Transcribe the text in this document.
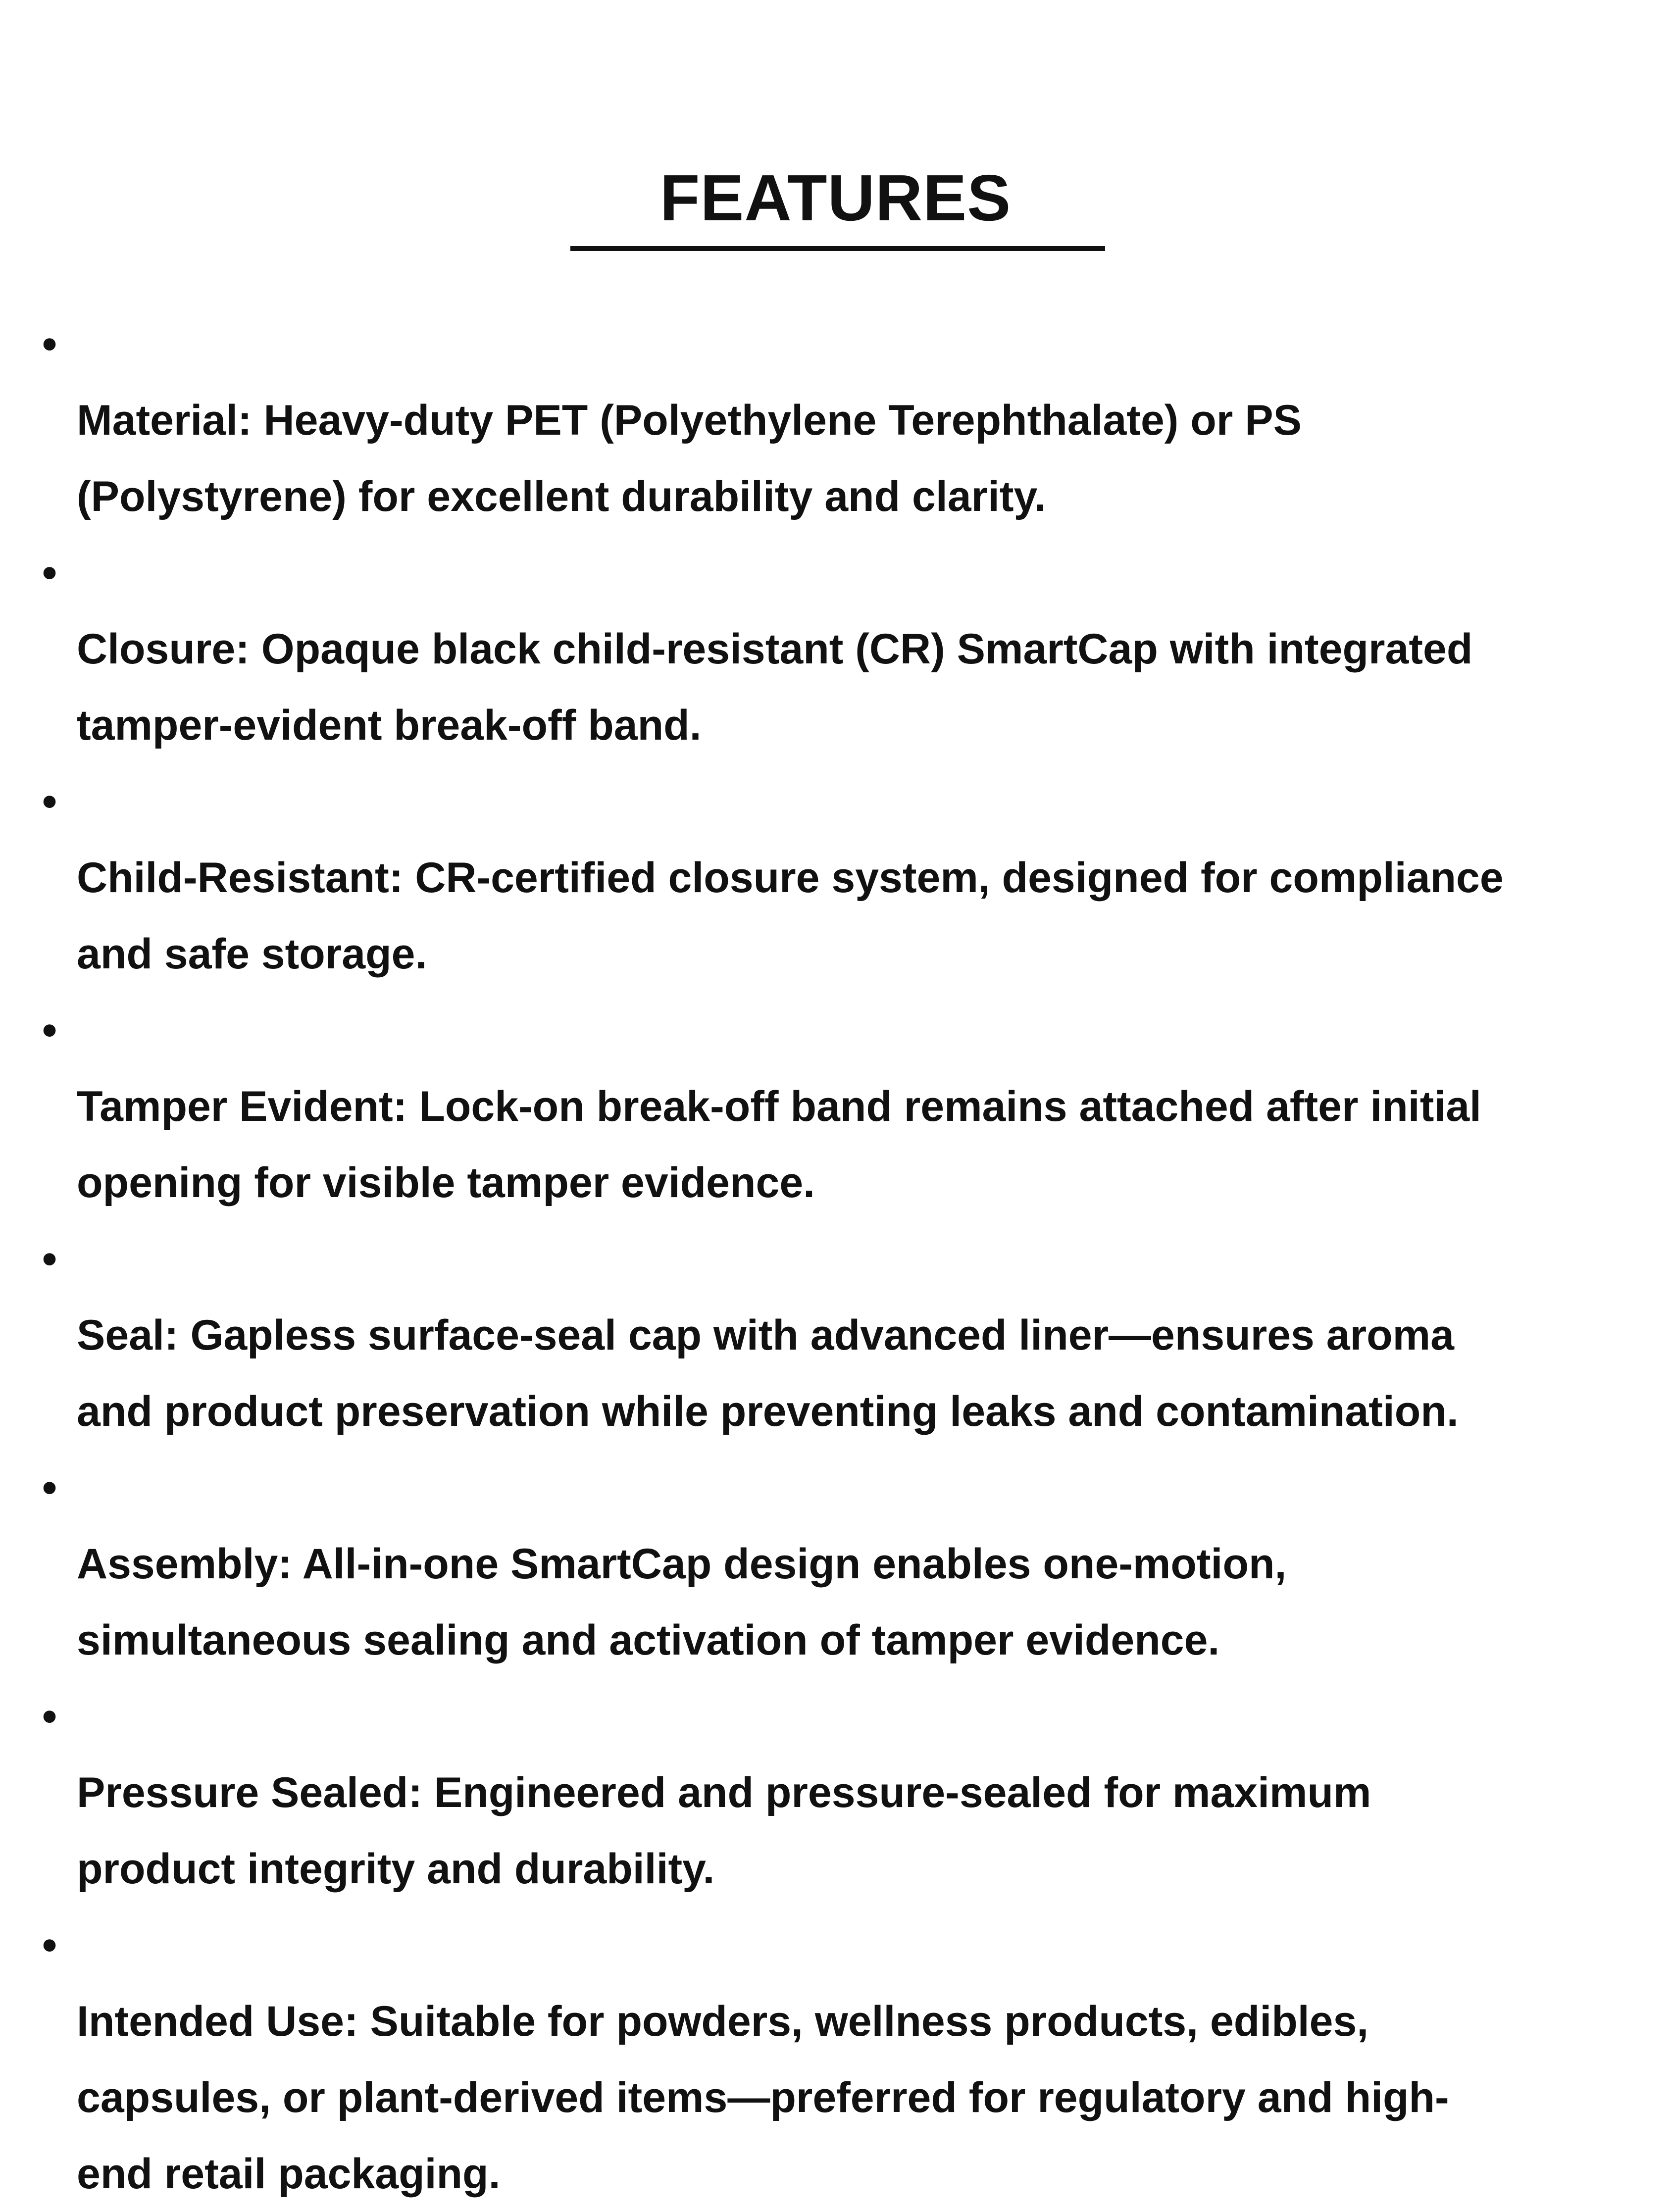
FEATURES

•
Material: Heavy-duty PET (Polyethylene Terephthalate) or PS
(Polystyrene) for excellent durability and clarity.

•
Closure: Opaque black child-resistant (CR) SmartCap with integrated
tamper-evident break-off band.

•
Child-Resistant: CR-certified closure system, designed for compliance
and safe storage.

•
Tamper Evident: Lock-on break-off band remains attached after initial
opening for visible tamper evidence.

•
Seal: Gapless surface-seal cap with advanced liner—ensures aroma
and product preservation while preventing leaks and contamination.

•
Assembly: All-in-one SmartCap design enables one-motion,
simultaneous sealing and activation of tamper evidence.

•
Pressure Sealed: Engineered and pressure-sealed for maximum
product integrity and durability.

•
Intended Use: Suitable for powders, wellness products, edibles,
capsules, or plant-derived items—preferred for regulatory and high-
end retail packaging.
